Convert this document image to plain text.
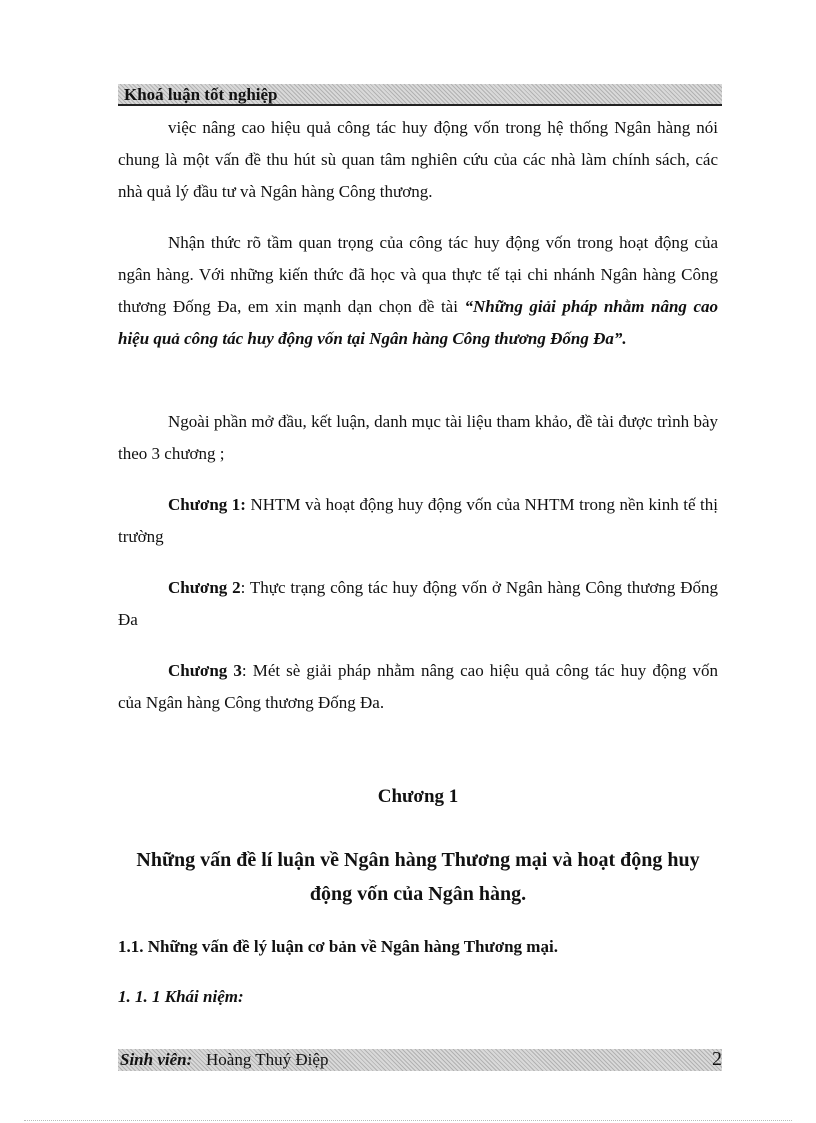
Khoá luận tốt nghiệp

việc nâng cao hiệu quả công tác huy động vốn trong hệ thống Ngân hàng nói chung là một vấn đề thu hút sù quan tâm nghiên cứu của các nhà làm chính sách, các nhà quả lý đầu tư và Ngân hàng Công thương.

Nhận thức rõ tầm quan trọng của công tác huy động vốn trong hoạt động của ngân hàng. Với những kiến thức đã học và qua thực tế tại chi nhánh Ngân hàng Công thương Đống Đa, em xin mạnh dạn chọn đề tài “Những giải pháp nhằm nâng cao hiệu quả công tác huy động vốn tại Ngân hàng Công thương Đống Đa”.

Ngoài phần mở đầu, kết luận, danh mục tài liệu tham khảo, đề tài được trình bày theo 3 chương ;

Chương 1: NHTM và hoạt động huy động vốn của NHTM trong nền kinh tế thị trường

Chương 2: Thực trạng công tác huy động vốn ở Ngân hàng Công thương Đống Đa

Chương 3: Mét sè giải pháp nhằm nâng cao hiệu quả công tác huy động vốn của Ngân hàng Công thương Đống Đa.

Chương 1
Những vấn đề lí luận về Ngân hàng Thương mại và hoạt động huy động vốn của Ngân hàng.
1.1. Những vấn đề lý luận cơ bản về Ngân hàng Thương mại.
1. 1. 1 Khái niệm:
Sinh viên: Hoàng Thuý Điệp	2
